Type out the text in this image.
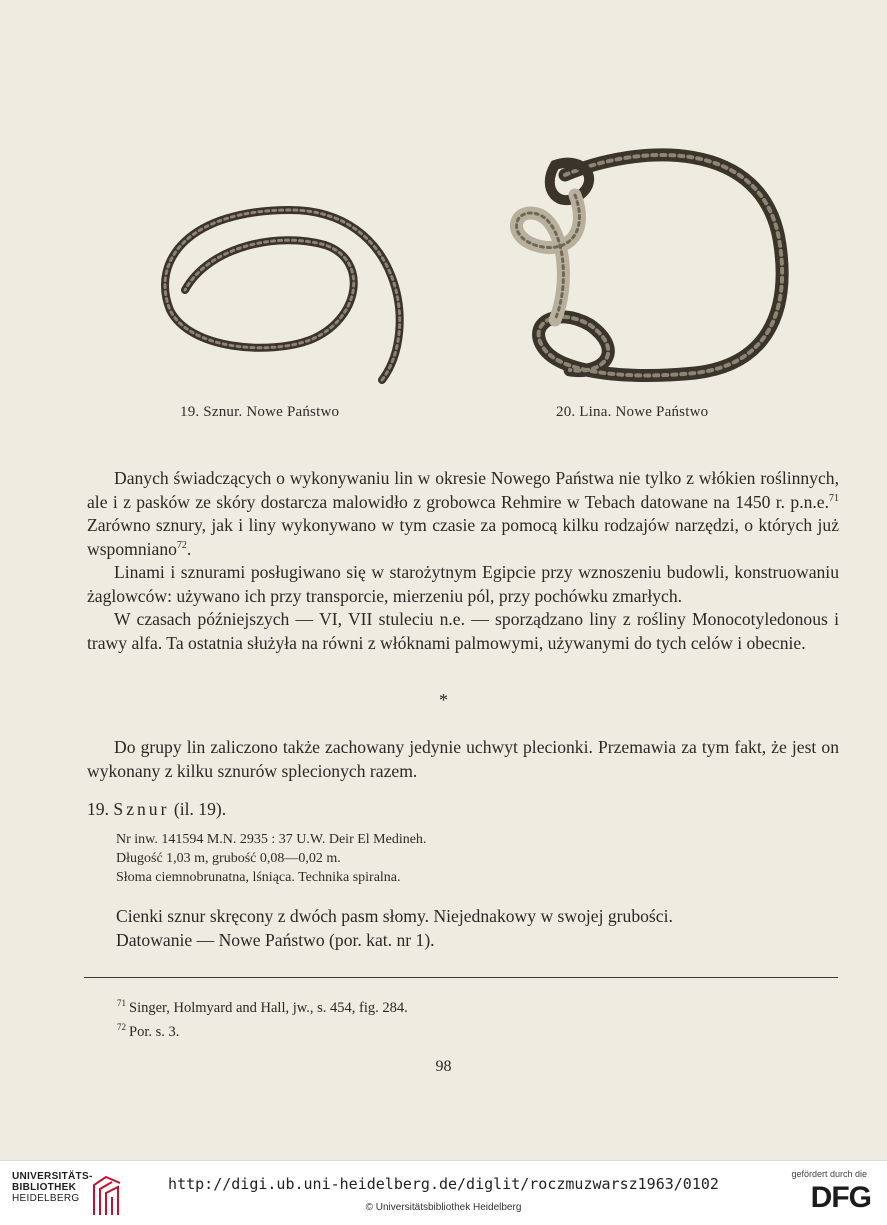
19. Sznur. Nowe Państwo	20. Lina. Nowe Państwo

Danych świadczących o wykonywaniu lin w okresie Nowego Państwa nie tylko z włókien roślinnych, ale i z pasków ze skóry dostarcza malowidło z grobowca Rehmire w Tebach datowane na 1450 r. p.n.e.$^{71}$ Zarówno sznury, jak i liny wykonywano w tym czasie za pomocą kilku rodzajów narzędzi, o których już wspomniano$^{72}$.

Linami i sznurami posługiwano się w starożytnym Egipcie przy wznoszeniu budowli, konstruowaniu żaglowców: używano ich przy transporcie, mierzeniu pól, przy pochówku zmarłych.

W czasach późniejszych — VI, VII stuleciu n.e. — sporządzano liny z rośliny Monocotyledonous i trawy alfa. Ta ostatnia służyła na równi z włóknami palmowymi, używanymi do tych celów i obecnie.

*

Do grupy lin zaliczono także zachowany jedynie uchwyt plecionki. Przemawia za tym fakt, że jest on wykonany z kilku sznurów splecionych razem.

19. Sznur (il. 19).
Nr inw. 141594 M.N. 2935 : 37 U.W. Deir El Medineh.
Długość 1,03 m, grubość 0,08—0,02 m.
Słoma ciemnobrunatna, lśniąca. Technika spiralna.
Cienki sznur skręcony z dwóch pasm słomy. Niejednakowy w swojej grubości.
Datowanie — Nowe Państwo (por. kat. nr 1).
$^{71}$ Singer, Holmyard and Hall, jw., s. 454, fig. 284.
$^{72}$ Por. s. 3.
98
UNIVERSITÄTS-
BIBLIOTHEK
HEIDELBERG
http://digi.ub.uni-heidelberg.de/diglit/roczmuzwarsz1963/0102
© Universitätsbibliothek Heidelberg
gefördert durch die
DFG
